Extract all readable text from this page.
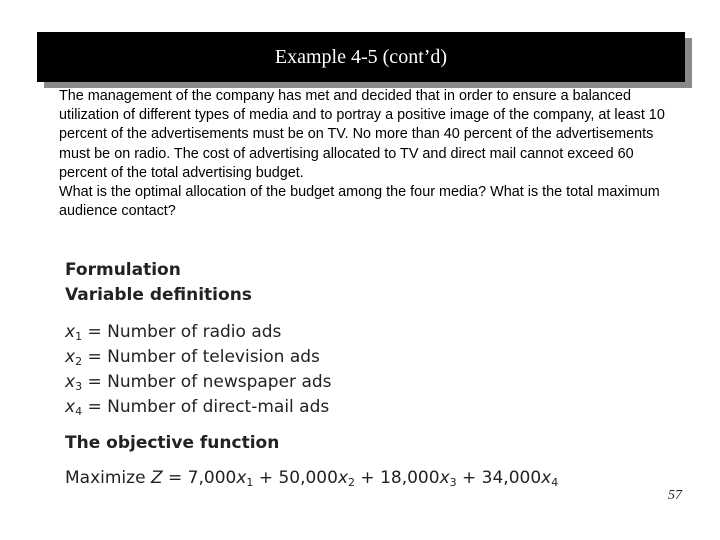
Example 4-5 (cont’d)

The management of the company has met and decided that in order to ensure a balanced utilization of different types of media and to portray a positive image of the company, at least 10 percent of the advertisements must be on TV. No more than 40 percent of the advertisements must be on radio. The cost of advertising allocated to TV and direct mail cannot exceed 60 percent of the total advertising budget.

What is the optimal allocation of the budget among the four media? What is the total maximum audience contact?

Formulation
Variable definitions
$x_1$ = Number of radio ads
$x_2$ = Number of television ads
$x_3$ = Number of newspaper ads
$x_4$ = Number of direct-mail ads
The objective function
Maximize $Z = 7,000x_1 + 50,000x_2 + 18,000x_3 + 34,000x_4$
57
